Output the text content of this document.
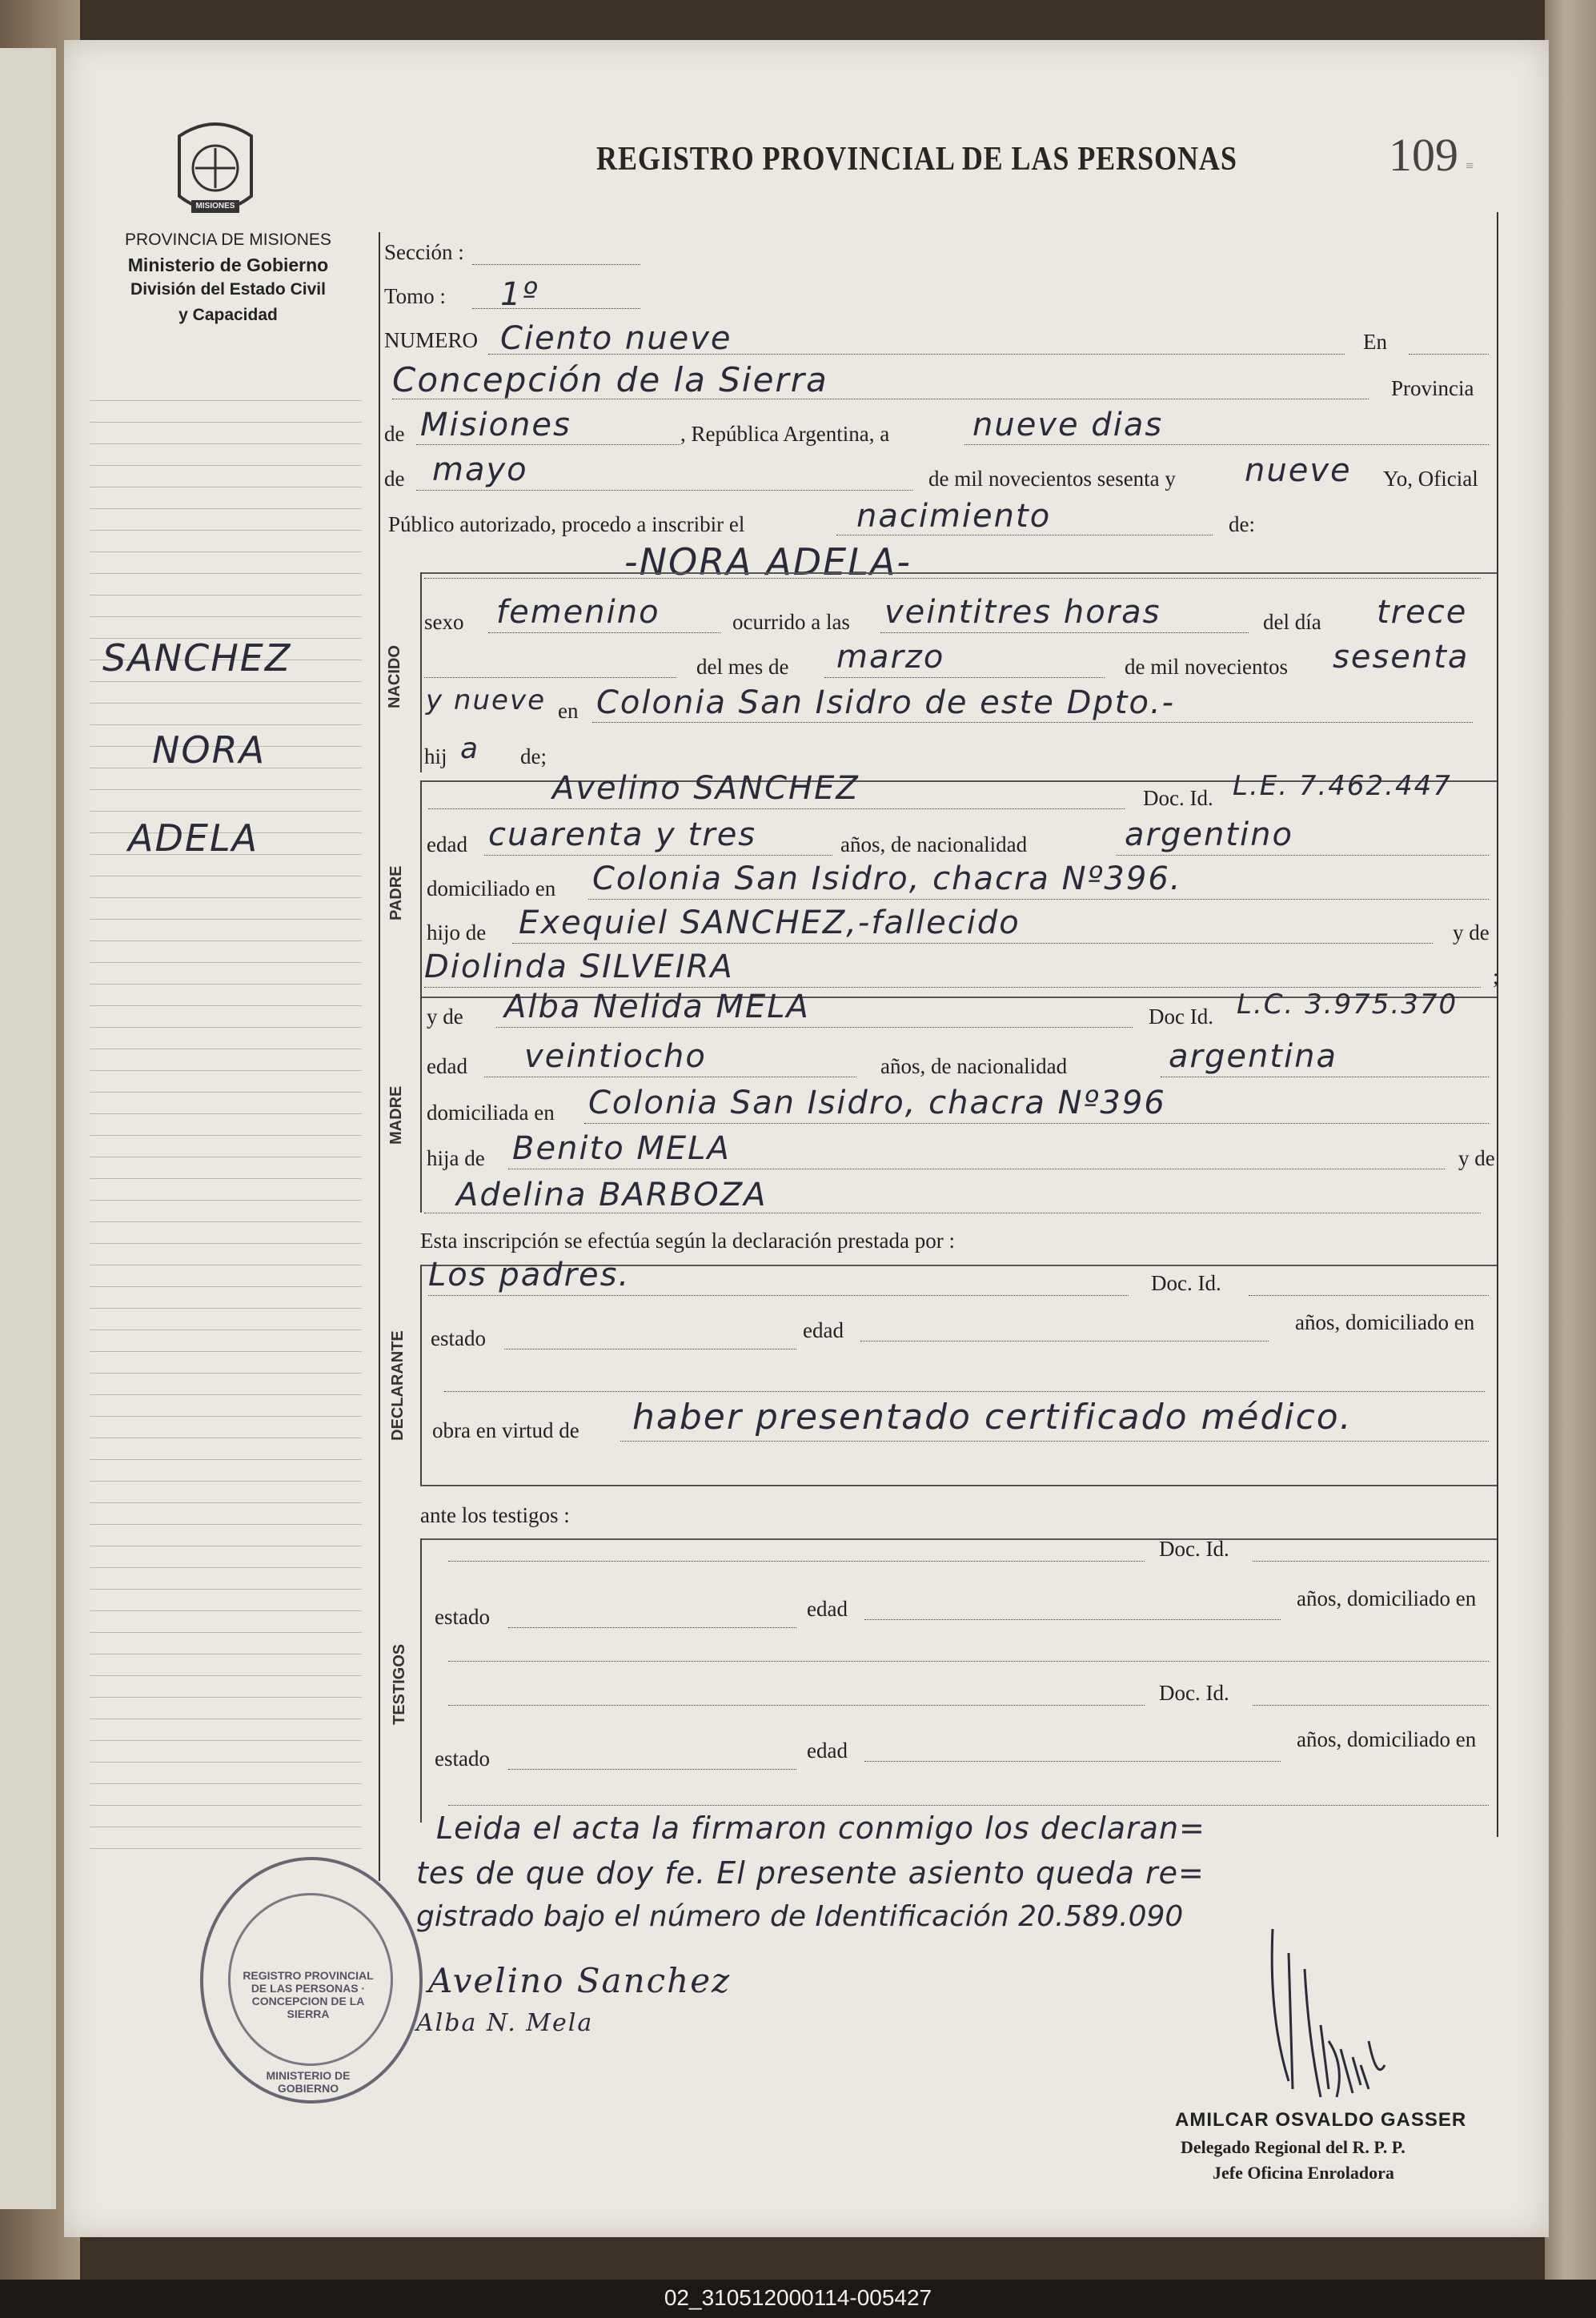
MISIONES
PROVINCIA DE MISIONES
Ministerio de Gobierno
División del Estado Civil
y Capacidad
REGISTRO PROVINCIAL DE LAS PERSONAS	109  ≡
SANCHEZ
NORA
ADELA
Sección :
Tomo : 1º
NUMERO Ciento nueve	En
Concepción de la Sierra	Provincia
de Misiones	, República Argentina, a	nueve dias
de mayo	de mil novecientos sesenta y nueve Yo, Oficial
Público autorizado, procedo a inscribir el	nacimiento	de:
-NORA ADELA-
NACIDO
sexo femenino	ocurrido a las veintitres horas	del día trece
del mes de marzo	de mil novecientos sesenta
y nueve en Colonia San Isidro de este Dpto.-
hij a de;
PADRE
Avelino SANCHEZ	Doc. Id. L.E. 7.462.447
edad cuarenta y tres	años, de nacionalidad	argentino
domiciliado en Colonia San Isidro, chacra Nº396.
hijo de Exequiel SANCHEZ,-fallecido	y de
Diolinda SILVEIRA	;
MADRE
y de Alba Nelida MELA	Doc Id. L.C. 3.975.370
edad veintiocho	años, de nacionalidad	argentina
domiciliada en Colonia San Isidro, chacra Nº396
hija de Benito MELA	y de
Adelina BARBOZA
Esta inscripción se efectúa según la declaración prestada por :
DECLARANTE
Los padres.	Doc. Id.
estado	edad	años, domiciliado en
obra en virtud de haber presentado certificado médico.
ante los testigos :
TESTIGOS
Doc. Id.
estado	edad	años, domiciliado en
Doc. Id.
estado	edad	años, domiciliado en
Leida el acta la firmaron conmigo los declaran=
tes de que doy fe. El presente asiento queda re=
gistrado bajo el número de Identificación 20.589.090
Avelino Sanchez
Alba N. Mela
REGISTRO PROVINCIAL DE LAS PERSONAS · CONCEPCION DE LA SIERRA
MINISTERIO DE GOBIERNO
AMILCAR OSVALDO GASSER
Delegado Regional del R. P. P.
Jefe Oficina Enroladora
02_310512000114-005427
